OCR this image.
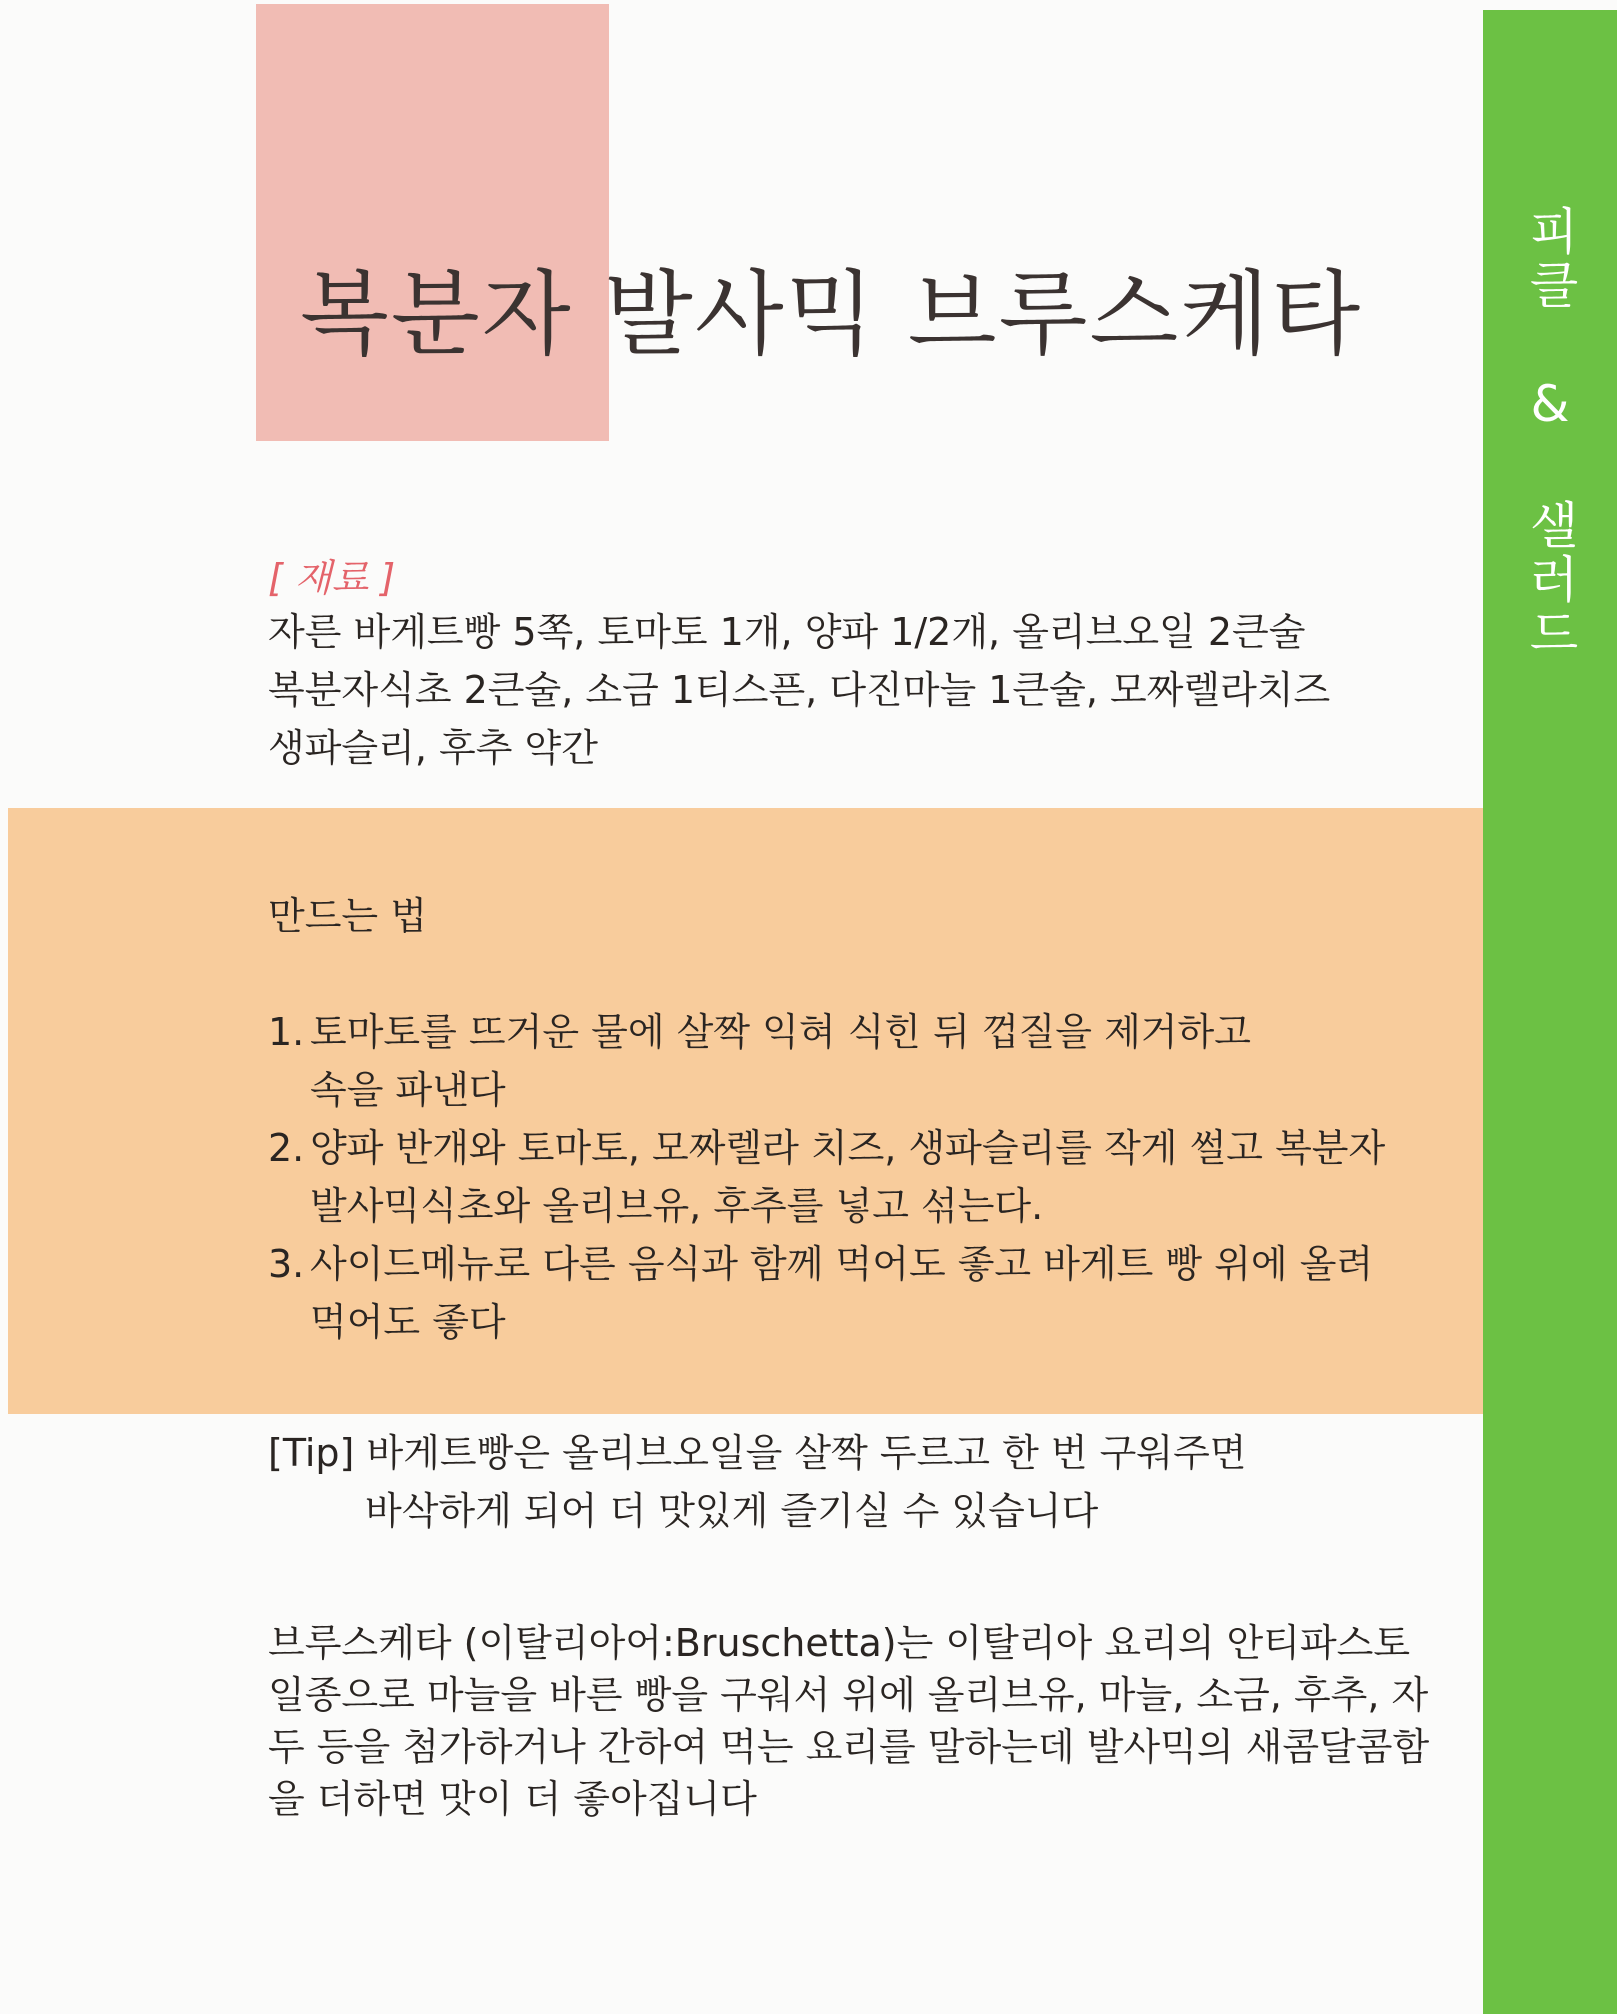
복분자 발사믹 브루스케타	피클 & 샐러드
[ 재료 ]
자른 바게트빵 5쪽, 토마토 1개, 양파 1/2개, 올리브오일 2큰술
복분자식초 2큰술, 소금 1티스픈, 다진마늘 1큰술, 모짜렐라치즈
생파슬리, 후추 약간
만드는 법
1. 토마토를 뜨거운 물에 살짝 익혀 식힌 뒤 껍질을 제거하고
속을 파낸다
2. 양파 반개와 토마토, 모짜렐라 치즈, 생파슬리를 작게 썰고 복분자
발사믹식초와 올리브유, 후추를 넣고 섞는다.
3. 사이드메뉴로 다른 음식과 함께 먹어도 좋고 바게트 빵 위에 올려
먹어도 좋다
[Tip] 바게트빵은 올리브오일을 살짝 두르고 한 번 구워주면
바삭하게 되어 더 맛있게 즐기실 수 있습니다
브루스케타 (이탈리아어:Bruschetta)는 이탈리아 요리의 안티파스토
일종으로 마늘을 바른 빵을 구워서 위에 올리브유, 마늘, 소금, 후추, 자
두 등을 첨가하거나 간하여 먹는 요리를 말하는데 발사믹의 새콤달콤함
을 더하면 맛이 더 좋아집니다
